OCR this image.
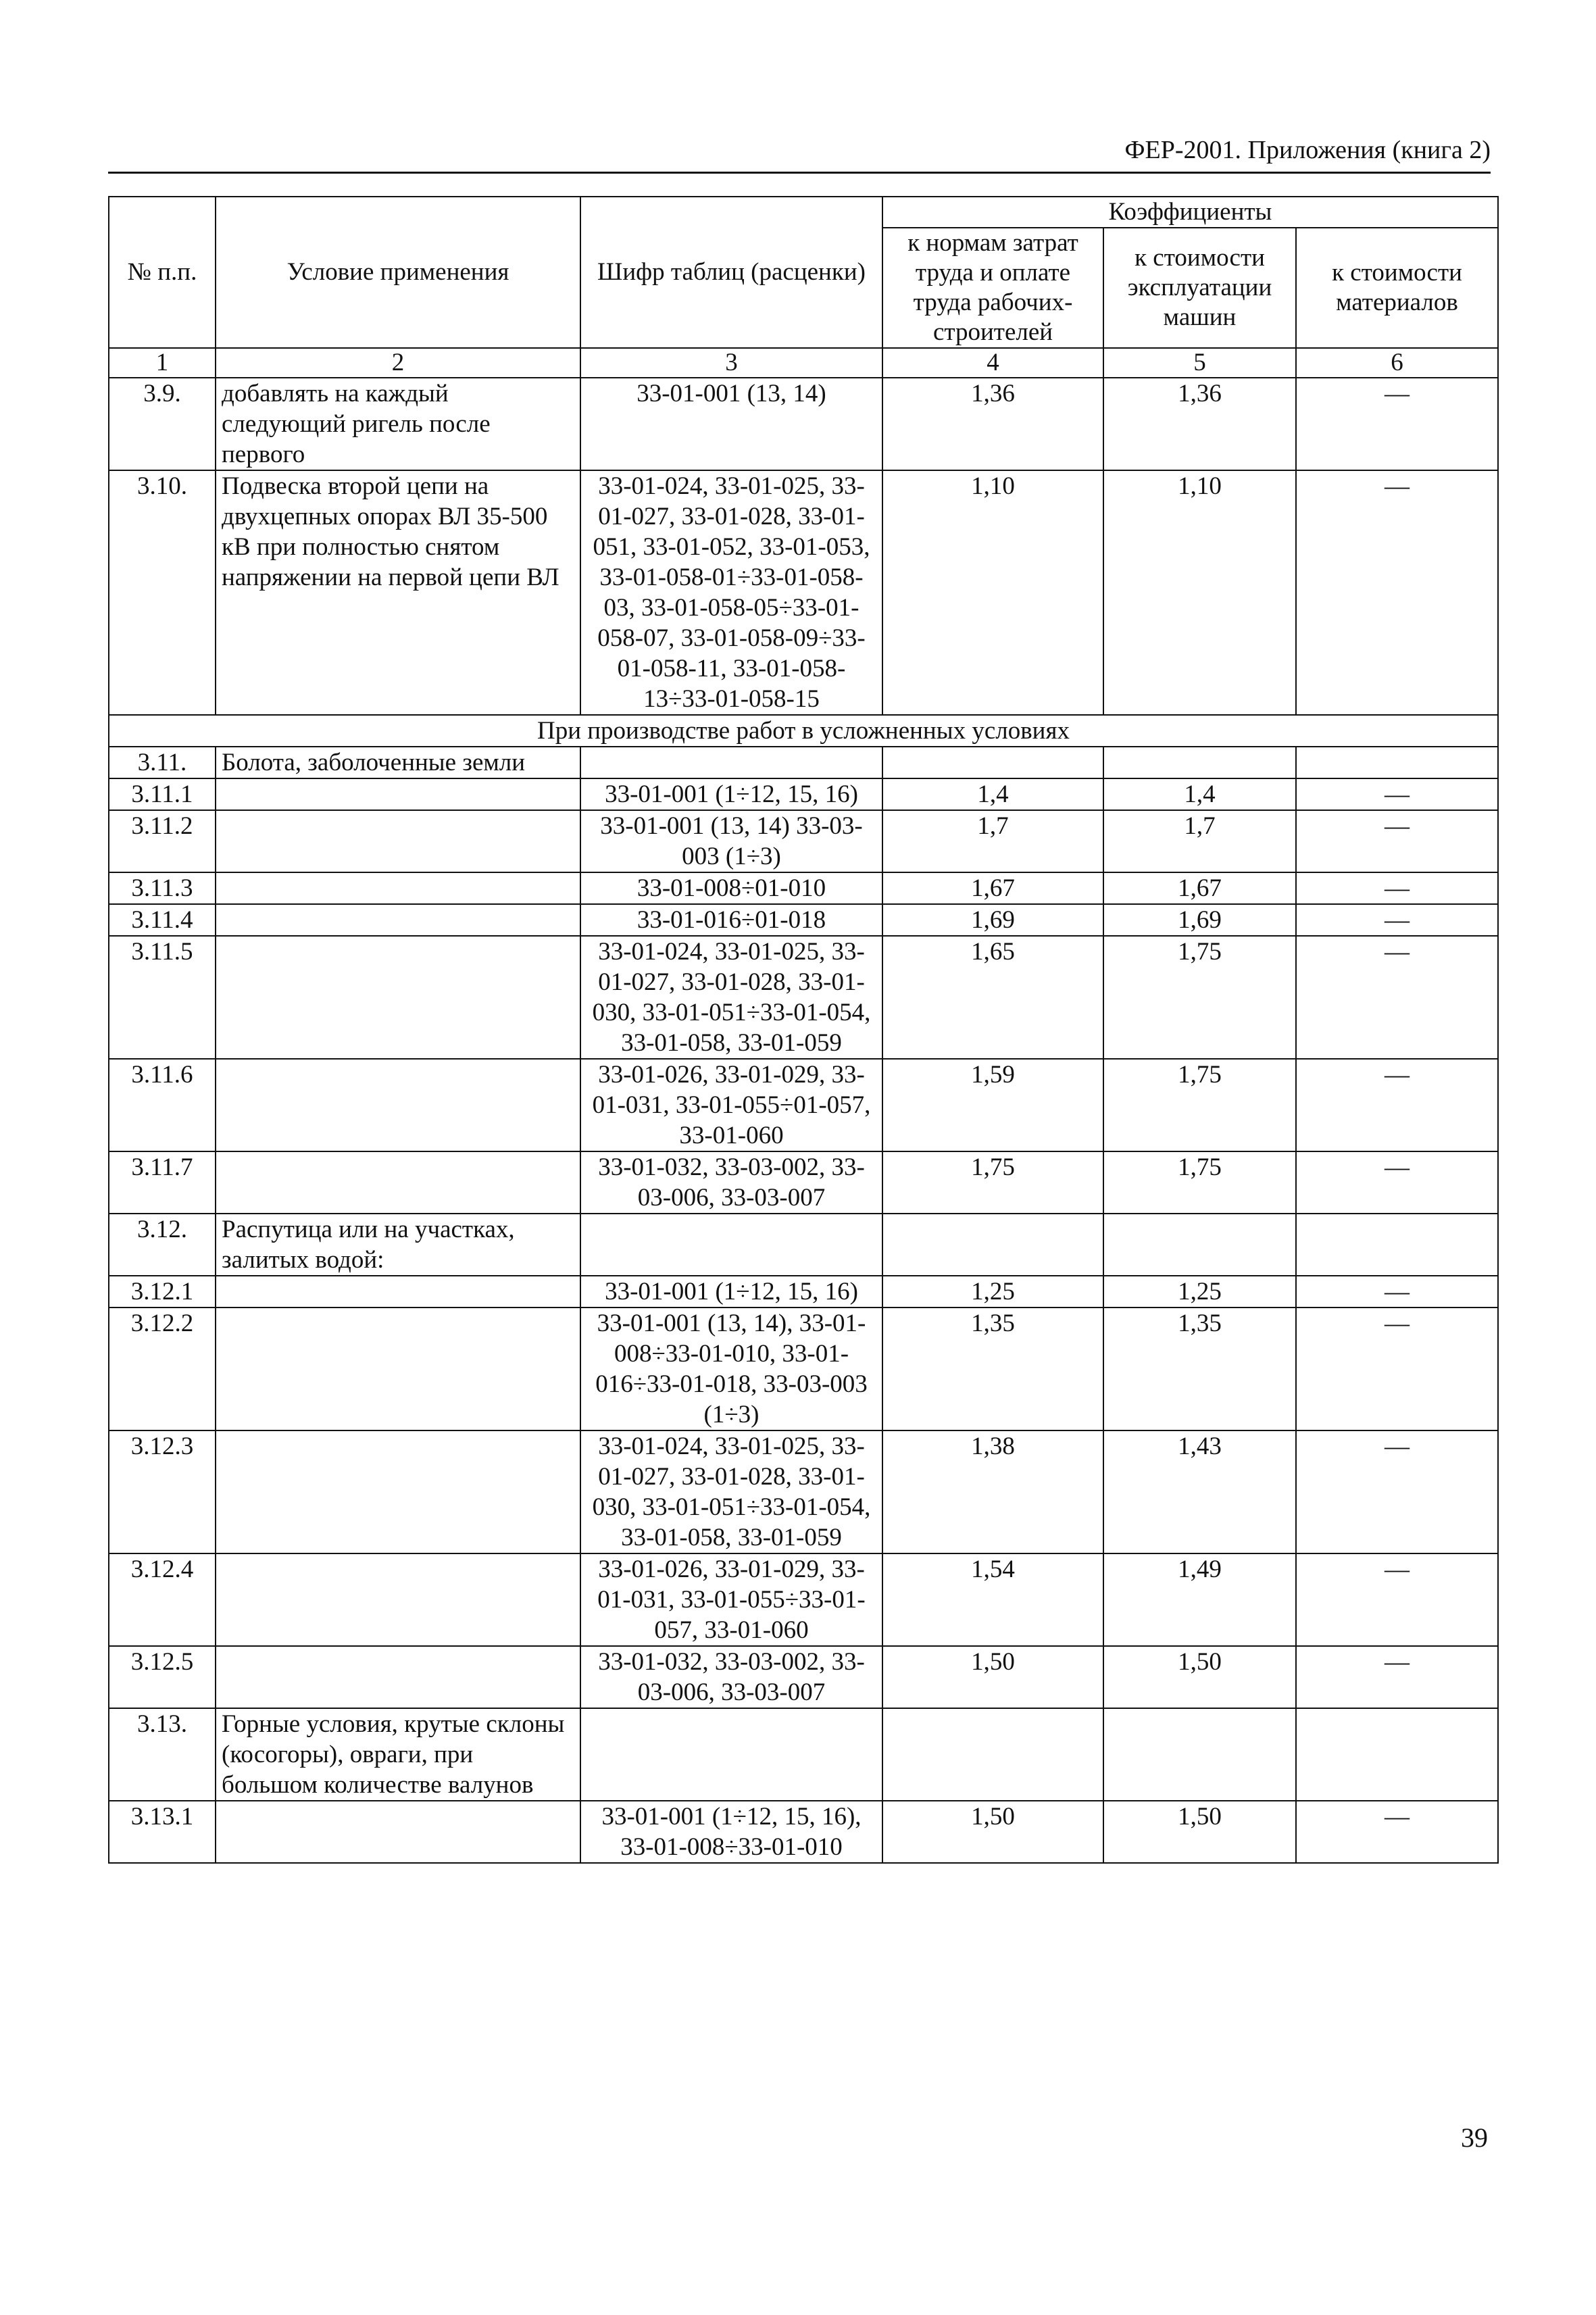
ФЕР-2001. Приложения (книга 2)
№ п.п.	Условие применения	Шифр таблиц (расценки)	Коэффициенты		
			к нормам затрат труда и оплате труда рабочих-строителей	к стоимости эксплуатации машин	к стоимости материалов
1	2	3	4	5	6
3.9.	добавлять на каждый следующий ригель после первого	33-01-001 (13, 14)	1,36	1,36	—
3.10.	Подвеска второй цепи на двухцепных опорах ВЛ 35-500 кВ при полностью снятом напряжении на первой цепи ВЛ	33-01-024, 33-01-025, 33-01-027, 33-01-028, 33-01-051, 33-01-052, 33-01-053, 33-01-058-01÷33-01-058-03, 33-01-058-05÷33-01-058-07, 33-01-058-09÷33-01-058-11, 33-01-058-13÷33-01-058-15	1,10	1,10	—
При производстве работ в усложненных условиях					
3.11.	Болота, заболоченные земли				
3.11.1		33-01-001 (1÷12, 15, 16)	1,4	1,4	—
3.11.2		33-01-001 (13, 14) 33-03-003 (1÷3)	1,7	1,7	—
3.11.3		33-01-008÷01-010	1,67	1,67	—
3.11.4		33-01-016÷01-018	1,69	1,69	—
3.11.5		33-01-024, 33-01-025, 33-01-027, 33-01-028, 33-01-030, 33-01-051÷33-01-054, 33-01-058, 33-01-059	1,65	1,75	—
3.11.6		33-01-026, 33-01-029, 33-01-031, 33-01-055÷01-057, 33-01-060	1,59	1,75	—
3.11.7		33-01-032, 33-03-002, 33-03-006, 33-03-007	1,75	1,75	—
3.12.	Распутица или на участках, залитых водой:				
3.12.1		33-01-001 (1÷12, 15, 16)	1,25	1,25	—
3.12.2		33-01-001 (13, 14), 33-01-008÷33-01-010, 33-01-016÷33-01-018, 33-03-003 (1÷3)	1,35	1,35	—
3.12.3		33-01-024, 33-01-025, 33-01-027, 33-01-028, 33-01-030, 33-01-051÷33-01-054, 33-01-058, 33-01-059	1,38	1,43	—
3.12.4		33-01-026, 33-01-029, 33-01-031, 33-01-055÷33-01-057, 33-01-060	1,54	1,49	—
3.12.5		33-01-032, 33-03-002, 33-03-006, 33-03-007	1,50	1,50	—
3.13.	Горные условия, крутые склоны (косогоры), овраги, при большом количестве валунов				
3.13.1		33-01-001 (1÷12, 15, 16), 33-01-008÷33-01-010	1,50	1,50	—
39
